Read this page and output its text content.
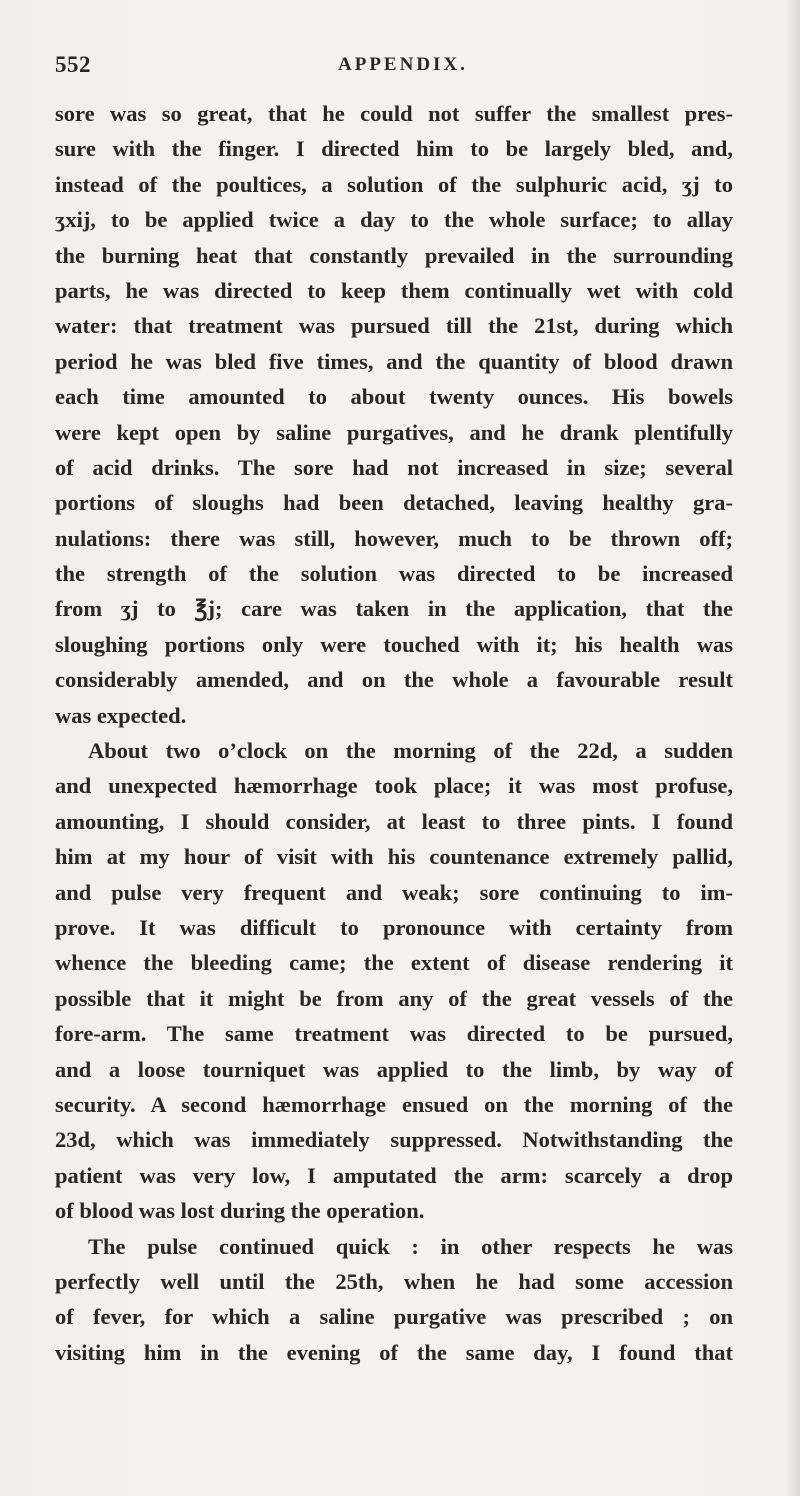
552	APPENDIX.
sore was so great, that he could not suffer the smallest pres-
sure with the finger. I directed him to be largely bled, and,
instead of the poultices, a solution of the sulphuric acid, ʒj to
ʒxij, to be applied twice a day to the whole surface; to allay
the burning heat that constantly prevailed in the surrounding
parts, he was directed to keep them continually wet with cold
water: that treatment was pursued till the 21st, during which
period he was bled five times, and the quantity of blood drawn
each time amounted to about twenty ounces. His bowels
were kept open by saline purgatives, and he drank plentifully
of acid drinks. The sore had not increased in size; several
portions of sloughs had been detached, leaving healthy gra-
nulations: there was still, however, much to be thrown off;
the strength of the solution was directed to be increased
from ʒj to ℥j; care was taken in the application, that the
sloughing portions only were touched with it; his health was
considerably amended, and on the whole a favourable result
was expected.
About two o’clock on the morning of the 22d, a sudden
and unexpected hæmorrhage took place; it was most profuse,
amounting, I should consider, at least to three pints. I found
him at my hour of visit with his countenance extremely pallid,
and pulse very frequent and weak; sore continuing to im-
prove. It was difficult to pronounce with certainty from
whence the bleeding came; the extent of disease rendering it
possible that it might be from any of the great vessels of the
fore-arm. The same treatment was directed to be pursued,
and a loose tourniquet was applied to the limb, by way of
security. A second hæmorrhage ensued on the morning of the
23d, which was immediately suppressed. Notwithstanding the
patient was very low, I amputated the arm: scarcely a drop
of blood was lost during the operation.
The pulse continued quick : in other respects he was
perfectly well until the 25th, when he had some accession
of fever, for which a saline purgative was prescribed ; on
visiting him in the evening of the same day, I found that
